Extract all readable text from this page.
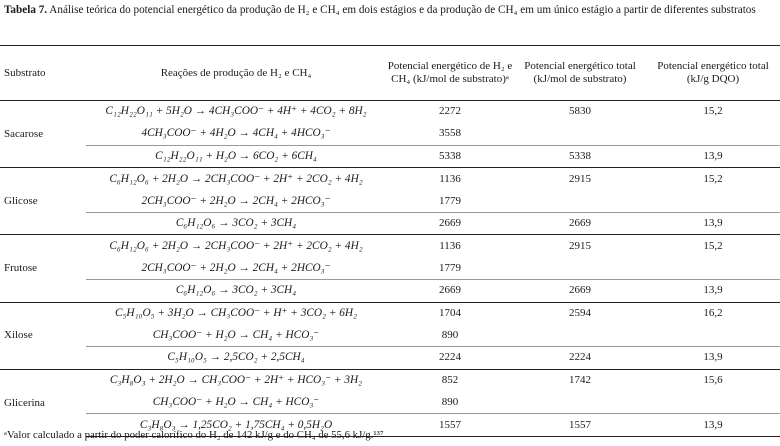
Tabela 7. Análise teórica do potencial energético da produção de H₂ e CH₄ em dois estágios e da produção de CH₄ em um único estágio a partir de diferentes substratos
Substrato	Reações de produção de H₂ e CH₄	Potencial energético de H₂ e CH₄ (kJ/mol de substrato)ᵃ	Potencial energético total (kJ/mol de substrato)	Potencial energético total (kJ/g DQO)
Sacarose	C₁₂H₂₂O₁₁ + 5H₂O → 4CH₃COO⁻ + 4H⁺ + 4CO₂ + 8H₂	2272	5830	15,2
	4CH₃COO⁻ + 4H₂O → 4CH₄ + 4HCO₃⁻	3558		
	C₁₂H₂₂O₁₁ + H₂O → 6CO₂ + 6CH₄	5338	5338	13,9
Glicose	C₆H₁₂O₆ + 2H₂O → 2CH₃COO⁻ + 2H⁺ + 2CO₂ + 4H₂	1136	2915	15,2
	2CH₃COO⁻ + 2H₂O → 2CH₄ + 2HCO₃⁻	1779		
	C₆H₁₂O₆ → 3CO₂ + 3CH₄	2669	2669	13,9
Frutose	C₆H₁₂O₆ + 2H₂O → 2CH₃COO⁻ + 2H⁺ + 2CO₂ + 4H₂	1136	2915	15,2
	2CH₃COO⁻ + 2H₂O → 2CH₄ + 2HCO₃⁻	1779		
	C₆H₁₂O₆ → 3CO₂ + 3CH₄	2669	2669	13,9
Xilose	C₅H₁₀O₅ + 3H₂O → CH₃COO⁻ + H⁺ + 3CO₂ + 6H₂	1704	2594	16,2
	CH₃COO⁻ + H₂O → CH₄ + HCO₃⁻	890		
	C₅H₁₀O₅ → 2,5CO₂ + 2,5CH₄	2224	2224	13,9
Glicerina	C₃H₈O₃ + 2H₂O → CH₃COO⁻ + 2H⁺ + HCO₃⁻ + 3H₂	852	1742	15,6
	CH₃COO⁻ + H₂O → CH₄ + HCO₃⁻	890		
	C₃H₈O₃ → 1,25CO₂ + 1,75CH₄ + 0,5H₂O	1557	1557	13,9
ᵃValor calculado a partir do poder calorífico do H₂ de 142 kJ/g e do CH₄ de 55,6 kJ/g.¹³⁷
